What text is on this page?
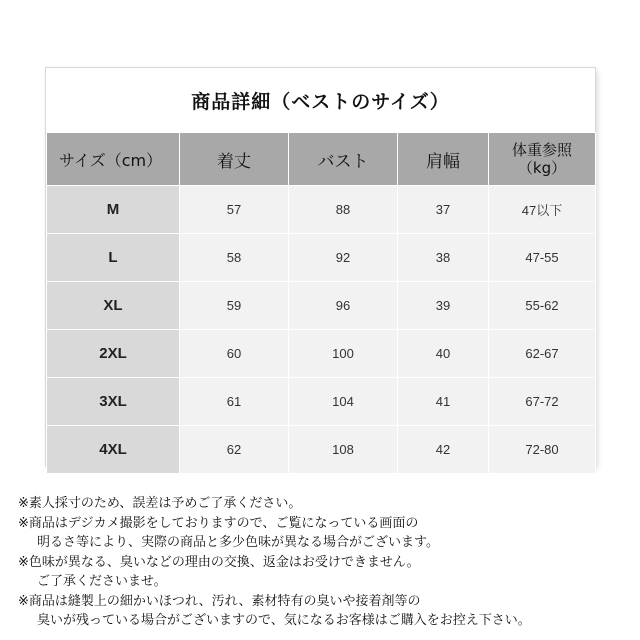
商品詳細（ベストのサイズ）
サイズ（cm）	着丈	バスト	肩幅	体重参照
（kg）
M	57	88	37	47以下
L	58	92	38	47-55
XL	59	96	39	55-62
2XL	60	100	40	62-67
3XL	61	104	41	67-72
4XL	62	108	42	72-80
※素人採寸のため、誤差は予めご了承ください。
※商品はデジカメ撮影をしておりますので、ご覧になっている画面の
明るさ等により、実際の商品と多少色味が異なる場合がございます。
※色味が異なる、臭いなどの理由の交換、返金はお受けできません。
ご了承くださいませ。
※商品は縫製上の細かいほつれ、汚れ、素材特有の臭いや接着剤等の
臭いが残っている場合がございますので、気になるお客様はご購入をお控え下さい。
